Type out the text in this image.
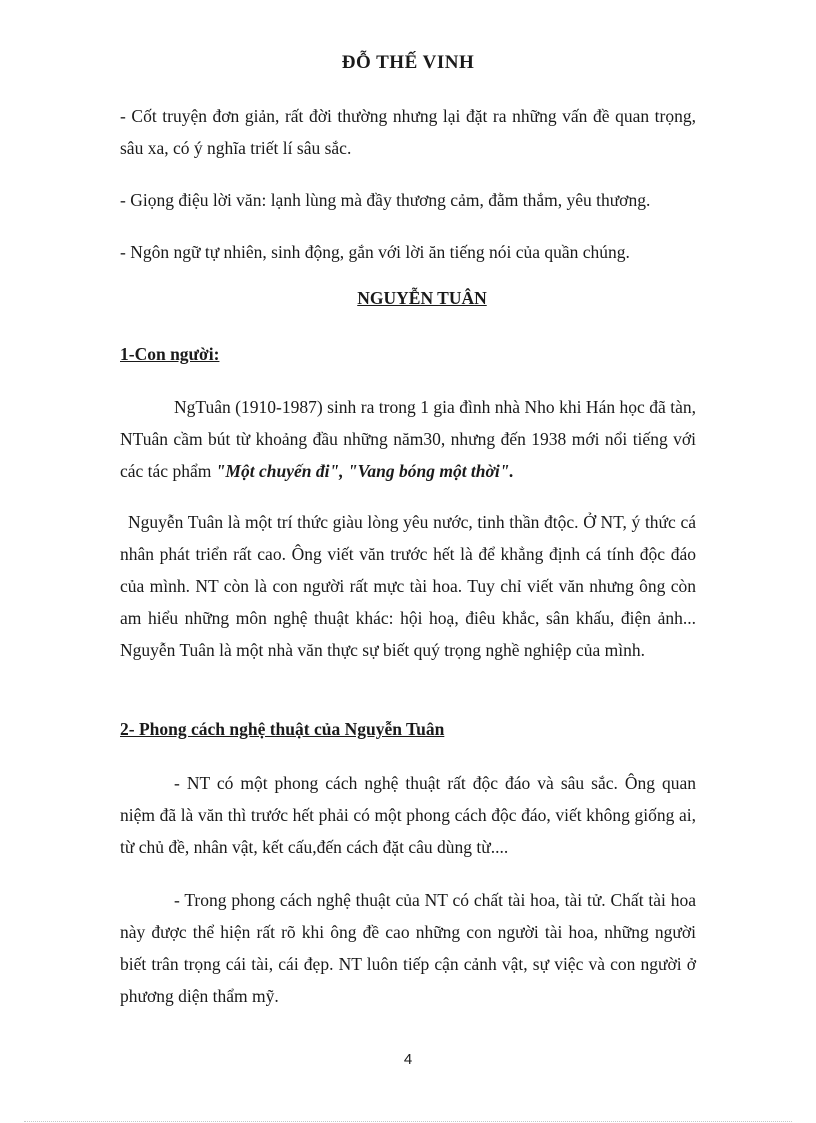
ĐỖ THẾ VINH

- Cốt truyện đơn giản, rất đời thường nhưng lại đặt ra những vấn đề quan trọng, sâu xa, có ý nghĩa triết lí sâu sắc.

- Giọng điệu lời văn: lạnh lùng mà đầy thương cảm, đằm thắm, yêu thương.

- Ngôn ngữ tự nhiên, sinh động, gắn với lời ăn tiếng nói của quần chúng.

NGUYỄN TUÂN

1-Con người:

NgTuân (1910-1987) sinh ra trong 1 gia đình nhà Nho khi Hán học đã tàn, NTuân cầm bút từ khoảng đầu những năm30, nhưng đến 1938 mới nổi tiếng với các tác phẩm "Một chuyến đi", "Vang bóng một thời".

Nguyễn Tuân là một trí thức giàu lòng yêu nước, tinh thần đtộc. Ở NT, ý thức cá nhân phát triển rất cao. Ông viết văn trước hết là để khẳng định cá tính độc đáo của mình. NT còn là con người rất mực tài hoa. Tuy chỉ viết văn nhưng ông còn am hiểu những môn nghệ thuật khác: hội hoạ, điêu khắc, sân khấu, điện ảnh... Nguyễn Tuân là một nhà văn thực sự biết quý trọng nghề nghiệp của mình.

2- Phong cách nghệ thuật của Nguyễn Tuân

- NT có một phong cách nghệ thuật rất độc đáo và sâu sắc. Ông quan niệm đã là văn thì trước hết phải có một phong cách độc đáo, viết không giống ai, từ chủ đề, nhân vật, kết cấu,đến cách đặt câu dùng từ....

- Trong phong cách nghệ thuật của NT có chất tài hoa, tài tử. Chất tài hoa này được thể hiện rất rõ khi ông đề cao những con người tài hoa, những người biết trân trọng cái tài, cái đẹp. NT luôn tiếp cận cảnh vật, sự việc và con người ở phương diện thẩm mỹ.

4
